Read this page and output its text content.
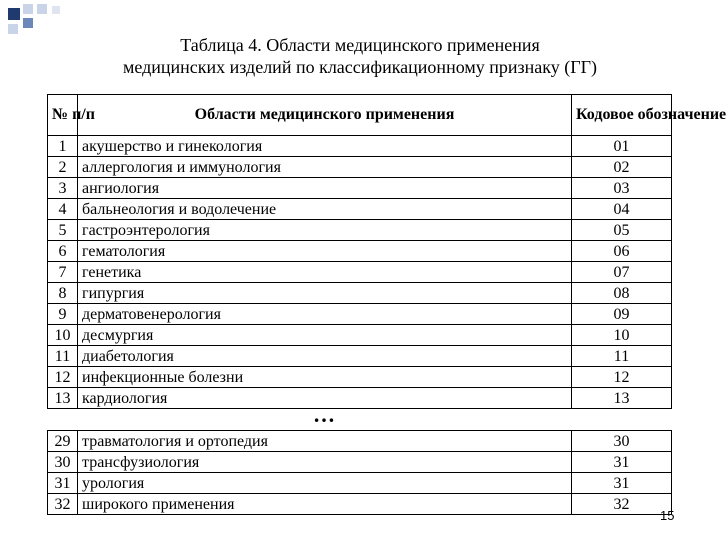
Таблица 4. Области медицинского применения
медицинских изделий по классификационному признаку (ГГ)
№ п/п	Области медицинского применения	Кодовое обозначение
1	акушерство и гинекология	01
2	аллергология и иммунология	02
3	ангиология	03
4	бальнеология и водолечение	04
5	гастроэнтерология	05
6	гематология	06
7	генетика	07
8	гипургия	08
9	дерматовенерология	09
10	десмургия	10
11	диабетология	11
12	инфекционные болезни	12
13	кардиология	13
…
29	травматология и ортопедия	30
30	трансфузиология	31
31	урология	31
32	широкого применения	32
15
